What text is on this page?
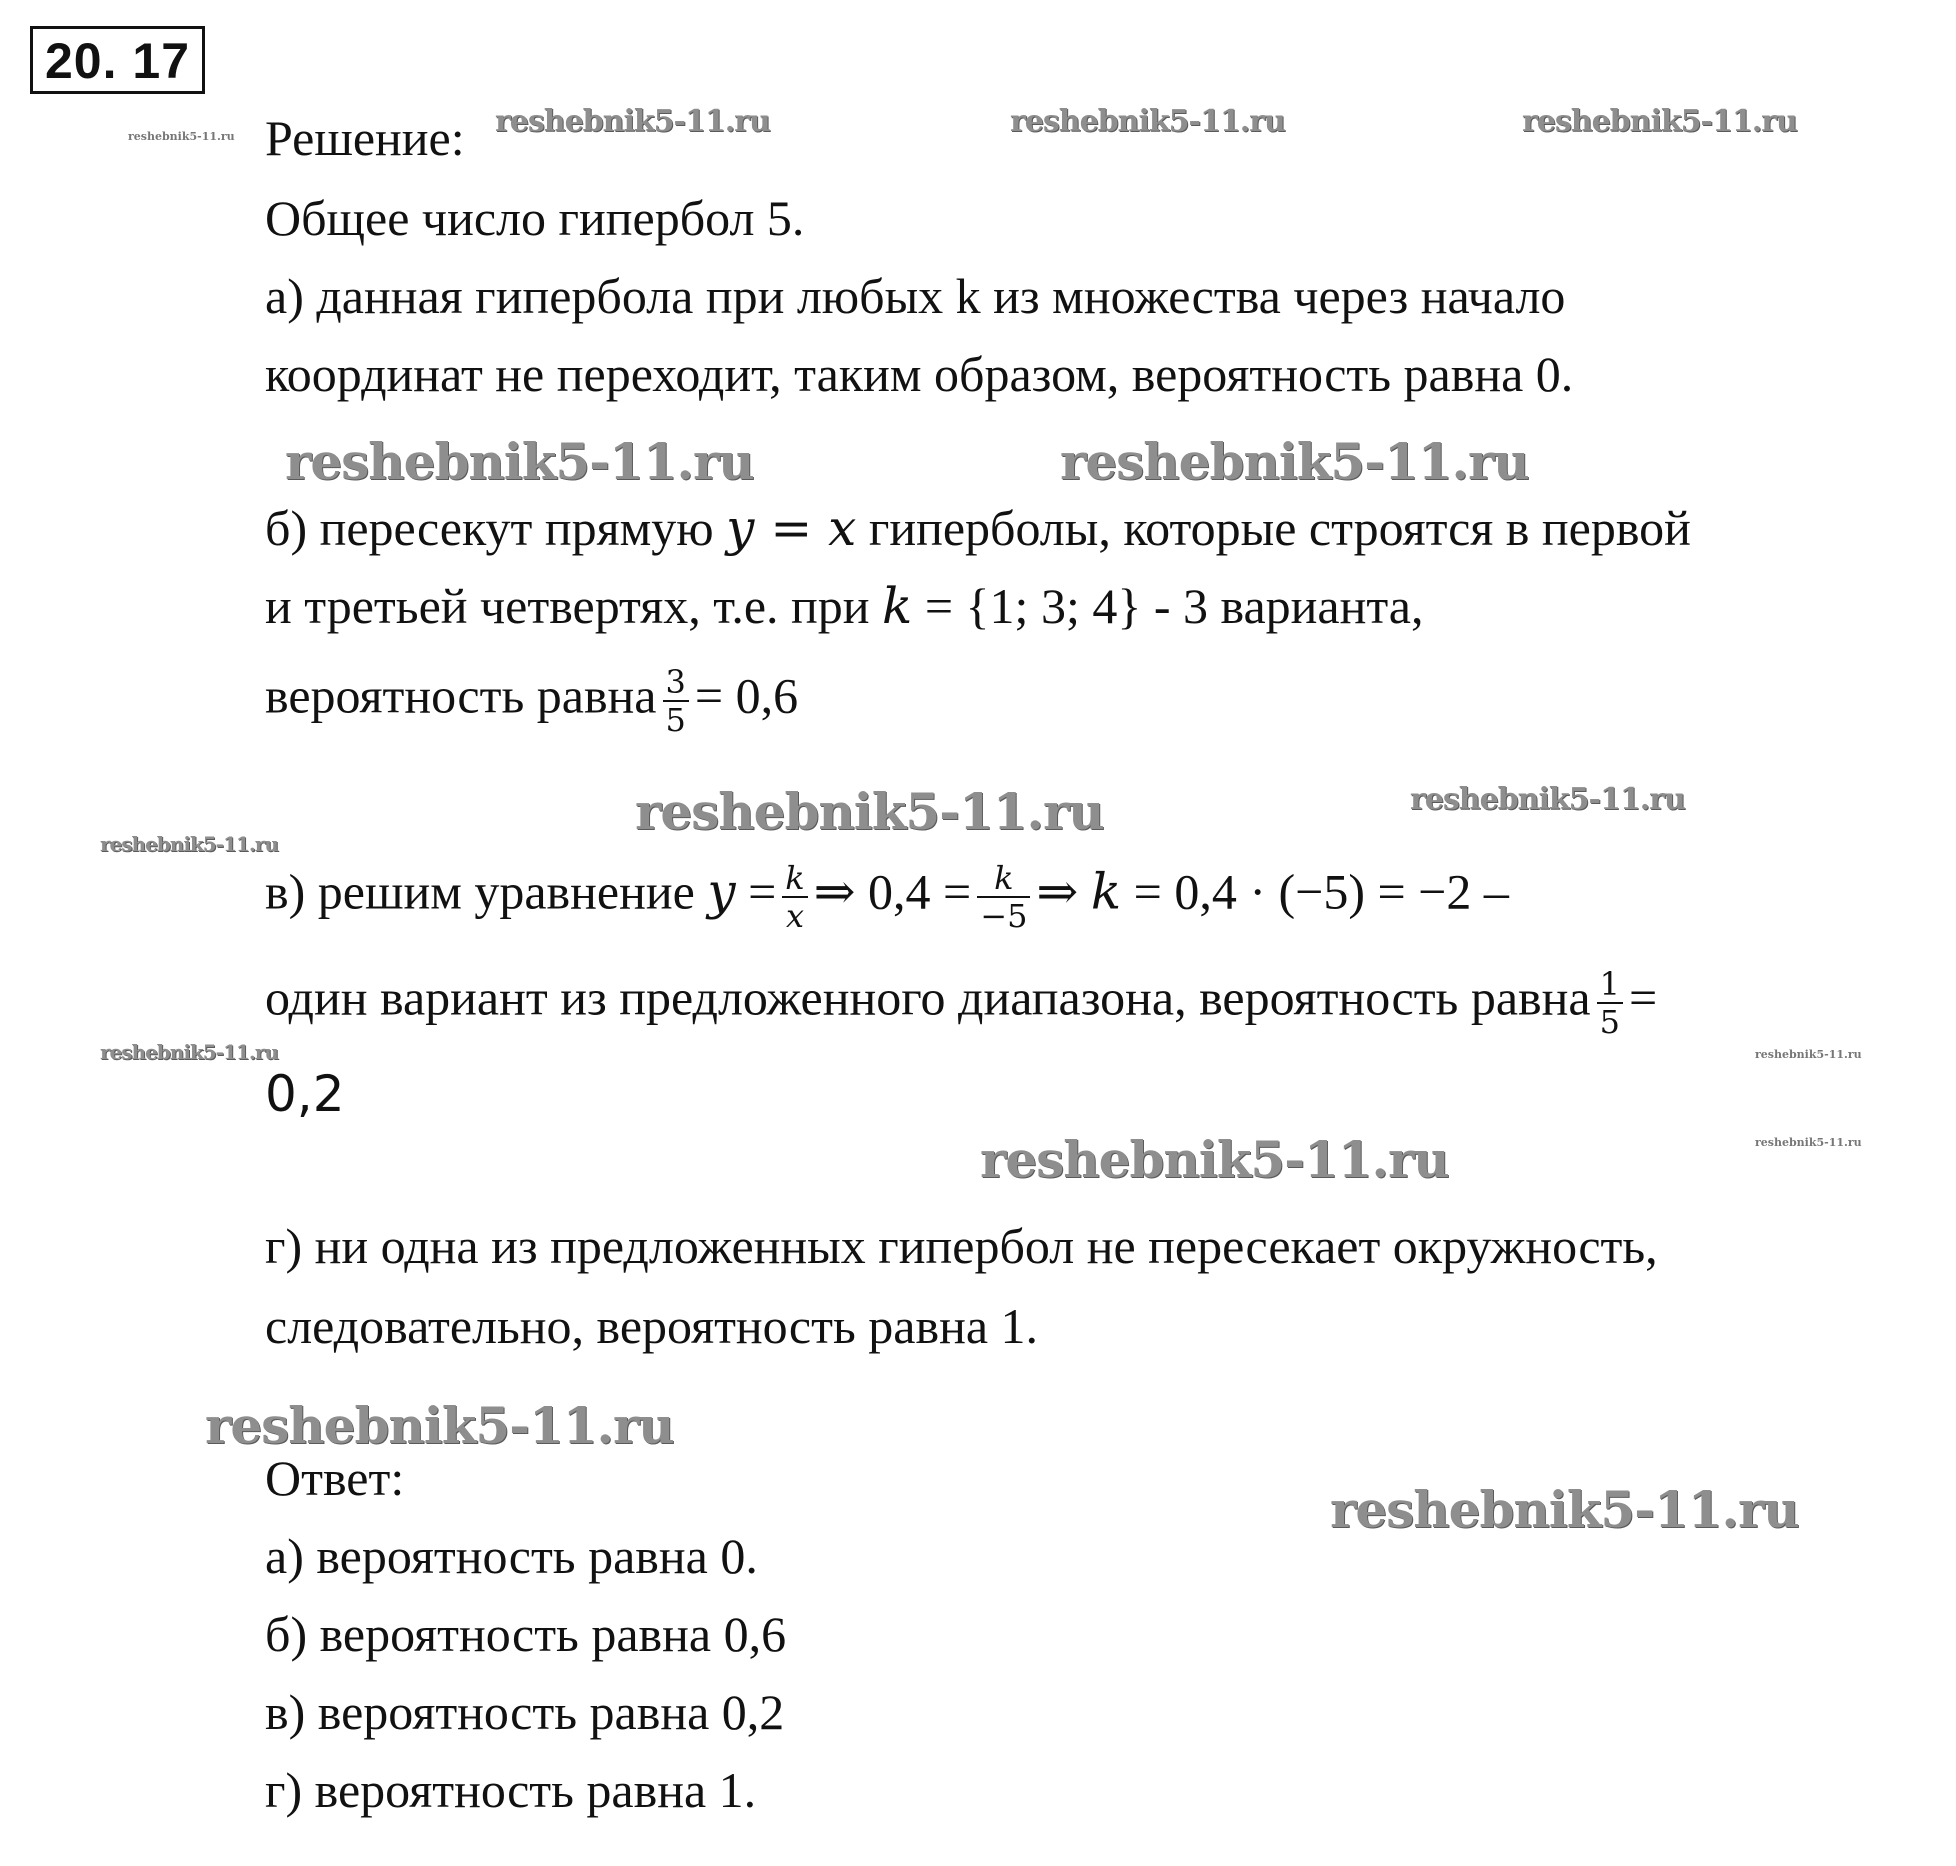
20. 17
reshebnik5-11.ru	reshebnik5-11.ru	reshebnik5-11.ru	reshebnik5-11.ru
reshebnik5-11.ru	reshebnik5-11.ru
reshebnik5-11.ru	reshebnik5-11.ru
reshebnik5-11.ru
reshebnik5-11.ru	reshebnik5-11.ru
reshebnik5-11.ru	reshebnik5-11.ru
reshebnik5-11.ru
reshebnik5-11.ru
Решение:
Общее число гипербол 5.
а) данная гипербола при любых k из множества через начало
координат не переходит, таким образом, вероятность равна 0.
б) пересекут прямую y = x гиперболы, которые строятся в первой
и третьей четвертях, т.е. при k = {1; 3; 4} - 3 варианта,
вероятность равна $\frac{3}{5} = 0,6$
в) решим уравнение $y = \frac{k}{x}$ ⇒ $0,4 = \frac{k}{-5}$ ⇒ k = 0,4 · (−5) = −2 –
один вариант из предложенного диапазона, вероятность равна $\frac{1}{5}$ =
0,2
г) ни одна из предложенных гипербол не пересекает окружность,
следовательно, вероятность равна 1.
Ответ:
а) вероятность равна 0.
б) вероятность равна 0,6
в) вероятность равна 0,2
г) вероятность равна 1.
